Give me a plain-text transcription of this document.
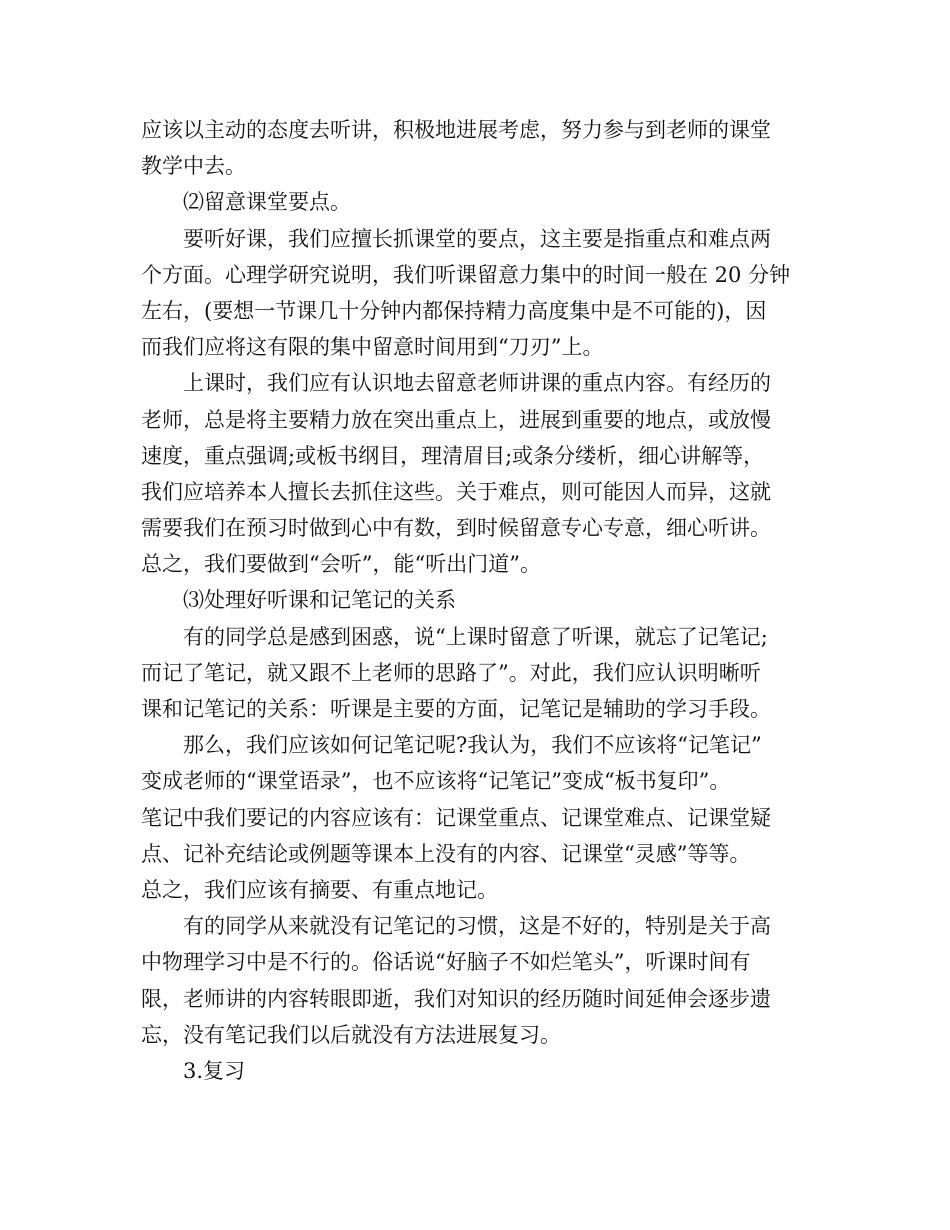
应该以主动的态度去听讲，积极地进展考虑，努力参与到老师的课堂
教学中去。
⑵留意课堂要点。
要听好课，我们应擅长抓课堂的要点，这主要是指重点和难点两
个方面。心理学研究说明，我们听课留意力集中的时间一般在 20 分钟
左右，(要想一节课几十分钟内都保持精力高度集中是不可能的)，因
而我们应将这有限的集中留意时间用到“刀刃”上。
上课时，我们应有认识地去留意老师讲课的重点内容。有经历的
老师，总是将主要精力放在突出重点上，进展到重要的地点，或放慢
速度，重点强调;或板书纲目，理清眉目;或条分缕析，细心讲解等，
我们应培养本人擅长去抓住这些。关于难点，则可能因人而异，这就
需要我们在预习时做到心中有数，到时候留意专心专意，细心听讲。
总之，我们要做到“会听”，能“听出门道”。
⑶处理好听课和记笔记的关系
有的同学总是感到困惑，说“上课时留意了听课，就忘了记笔记;
而记了笔记，就又跟不上老师的思路了”。对此，我们应认识明晰听
课和记笔记的关系：听课是主要的方面，记笔记是辅助的学习手段。
那么，我们应该如何记笔记呢?我认为，我们不应该将“记笔记”
变成老师的“课堂语录”，也不应该将“记笔记”变成“板书复印”。
笔记中我们要记的内容应该有：记课堂重点、记课堂难点、记课堂疑
点、记补充结论或例题等课本上没有的内容、记课堂“灵感”等等。
总之，我们应该有摘要、有重点地记。
有的同学从来就没有记笔记的习惯，这是不好的，特别是关于高
中物理学习中是不行的。俗话说“好脑子不如烂笔头”，听课时间有
限，老师讲的内容转眼即逝，我们对知识的经历随时间延伸会逐步遗
忘，没有笔记我们以后就没有方法进展复习。
3.复习
